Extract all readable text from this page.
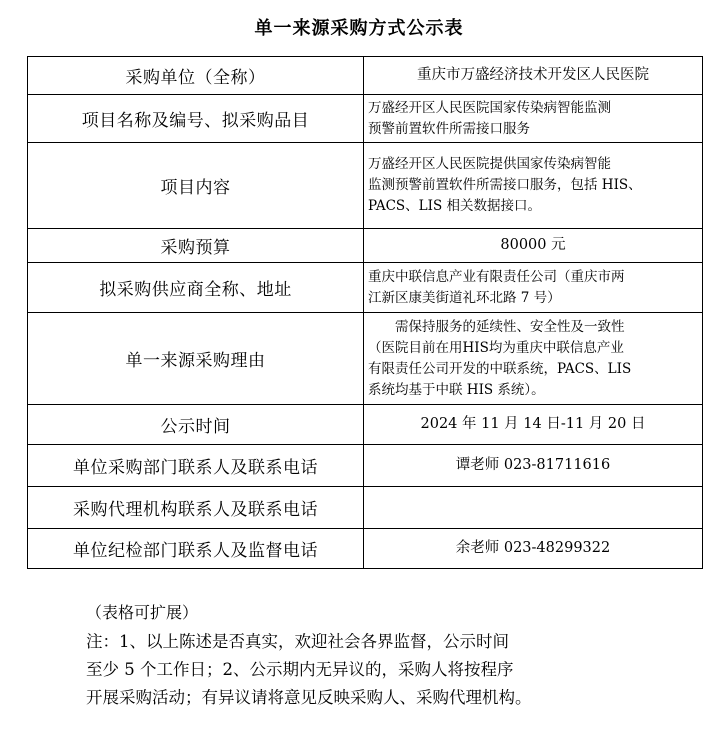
单一来源采购方式公示表
采购单位（全称）	重庆市万盛经济技术开发区人民医院
项目名称及编号、拟采购品目	万盛经开区人民医院国家传染病智能监测
预警前置软件所需接口服务

项目内容	万盛经开区人民医院提供国家传染病智能
监测预警前置软件所需接口服务，包括 HIS、
PACS、LIS 相关数据接口。

采购预算	80000 元
拟采购供应商全称、地址	重庆中联信息产业有限责任公司（重庆市两
江新区康美街道礼环北路 7 号）

单一来源采购理由	需保持服务的延续性、安全性及一致性
（医院目前在用HIS均为重庆中联信息产业
有限责任公司开发的中联系统，PACS、LIS
系统均基于中联 HIS 系统）。

公示时间	2024 年 11 月 14 日-11 月 20 日
单位采购部门联系人及联系电话	谭老师 023-81711616
采购代理机构联系人及联系电话	
单位纪检部门联系人及监督电话	余老师 023-48299322
（表格可扩展）
注：1、以上陈述是否真实，欢迎社会各界监督，公示时间
至少 5 个工作日；2、公示期内无异议的，采购人将按程序
开展采购活动；有异议请将意见反映采购人、采购代理机构。
